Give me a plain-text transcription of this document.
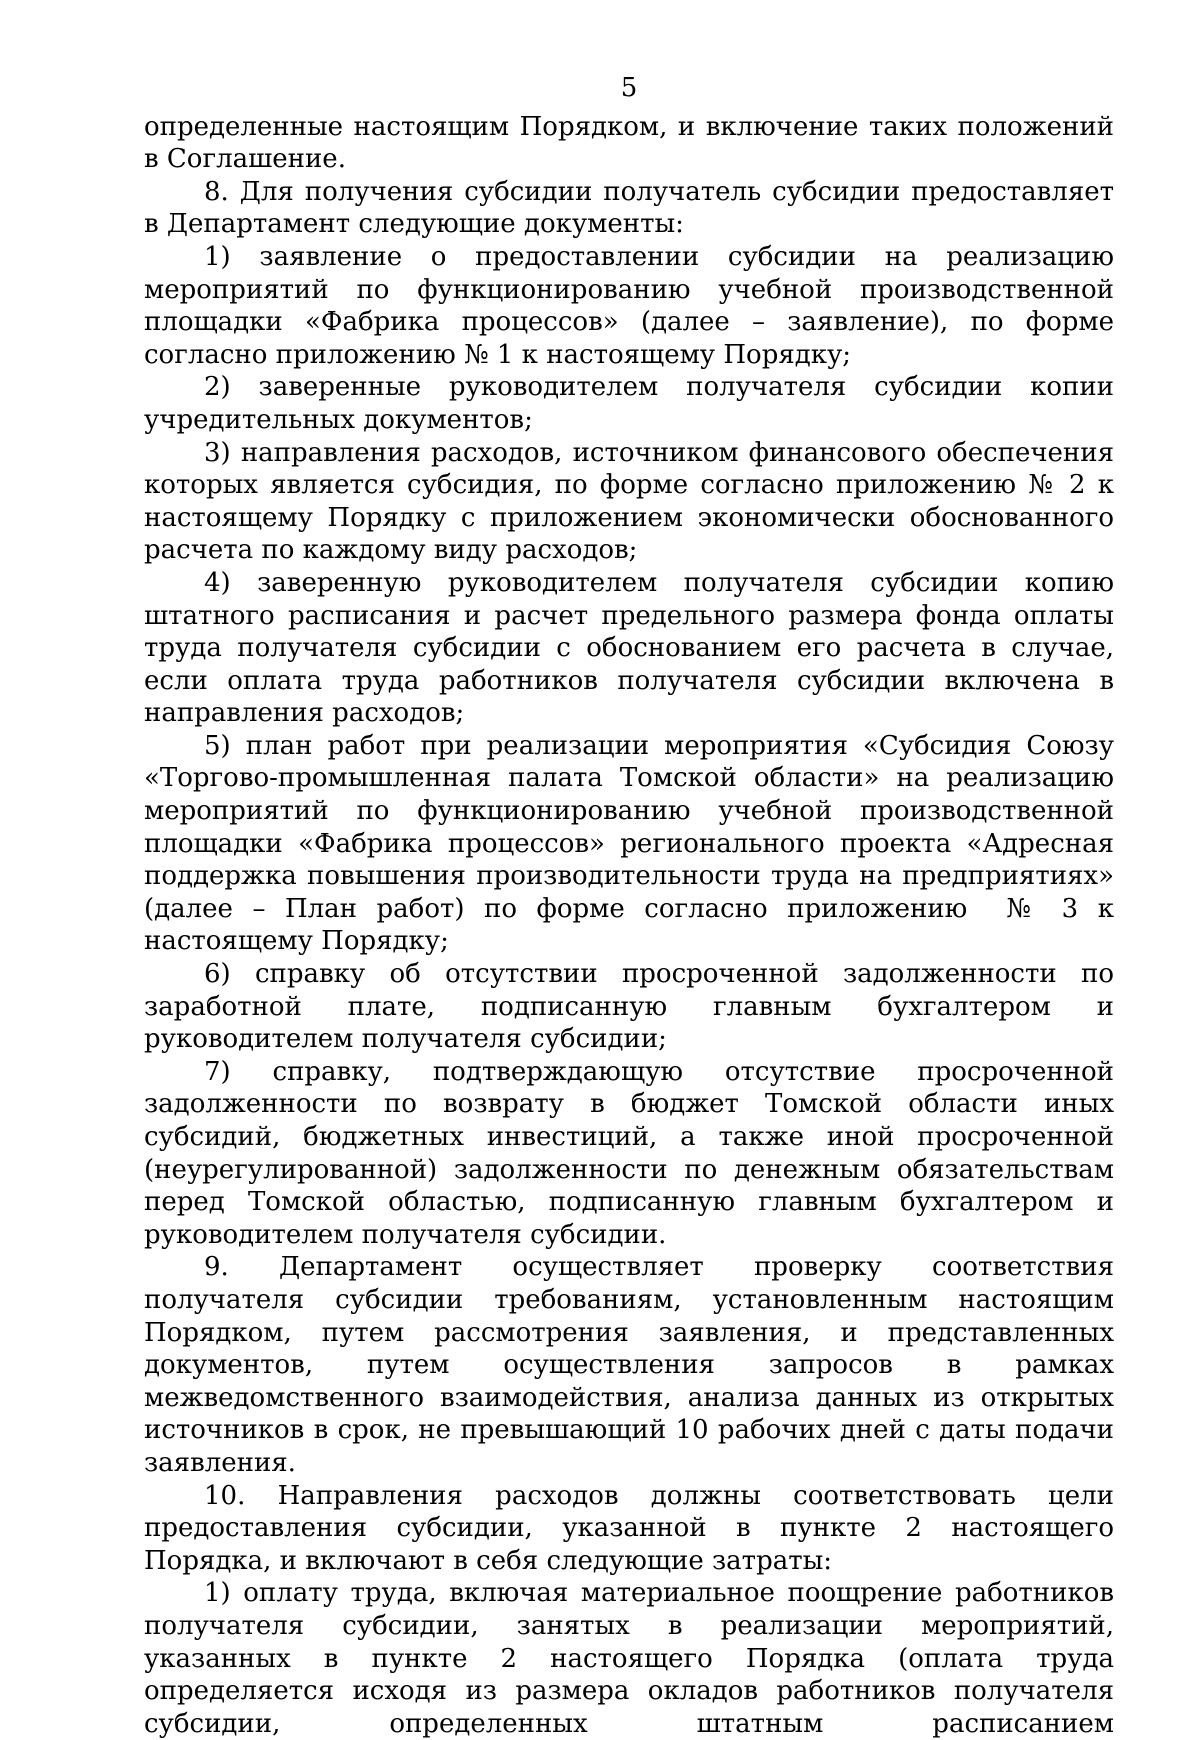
5

определенные настоящим Порядком, и включение таких положений в Соглашение.

8. Для получения субсидии получатель субсидии предоставляет в Департамент следующие документы:

1) заявление о предоставлении субсидии на реализацию мероприятий по функционированию учебной производственной площадки «Фабрика процессов» (далее – заявление), по форме согласно приложению № 1 к настоящему Порядку;

2) заверенные руководителем получателя субсидии копии учредительных документов;

3) направления расходов, источником финансового обеспечения которых является субсидия, по форме согласно приложению № 2 к настоящему Порядку с приложением экономически обоснованного расчета по каждому виду расходов;

4) заверенную руководителем получателя субсидии копию штатного расписания и расчет предельного размера фонда оплаты труда получателя субсидии с обоснованием его расчета в случае, если оплата труда работников получателя субсидии включена в направления расходов;

5) план работ при реализации мероприятия «Субсидия Союзу «Торгово-промышленная палата Томской области» на реализацию мероприятий по функционированию учебной производственной площадки «Фабрика процессов» регионального проекта «Адресная поддержка повышения производительности труда на предприятиях» (далее – План работ) по форме согласно приложению  № 3 к настоящему Порядку;

6) справку об отсутствии просроченной задолженности по заработной плате, подписанную главным бухгалтером и руководителем получателя субсидии;

7) справку, подтверждающую отсутствие просроченной задолженности по возврату в бюджет Томской области иных субсидий, бюджетных инвестиций, а также иной просроченной (неурегулированной) задолженности по денежным обязательствам перед Томской областью, подписанную главным бухгалтером и руководителем получателя субсидии.

9. Департамент осуществляет проверку соответствия получателя субсидии требованиям, установленным настоящим Порядком, путем рассмотрения заявления, и представленных документов, путем осуществления запросов в рамках межведомственного взаимодействия, анализа данных из открытых источников в срок, не превышающий 10 рабочих дней с даты подачи заявления.

10. Направления расходов должны соответствовать цели предоставления субсидии, указанной в пункте 2 настоящего Порядка, и включают в себя следующие затраты:

1) оплату труда, включая материальное поощрение работников получателя субсидии, занятых в реализации мероприятий, указанных в пункте 2 настоящего Порядка (оплата труда определяется исходя из размера окладов работников получателя субсидии, определенных штатным расписанием
